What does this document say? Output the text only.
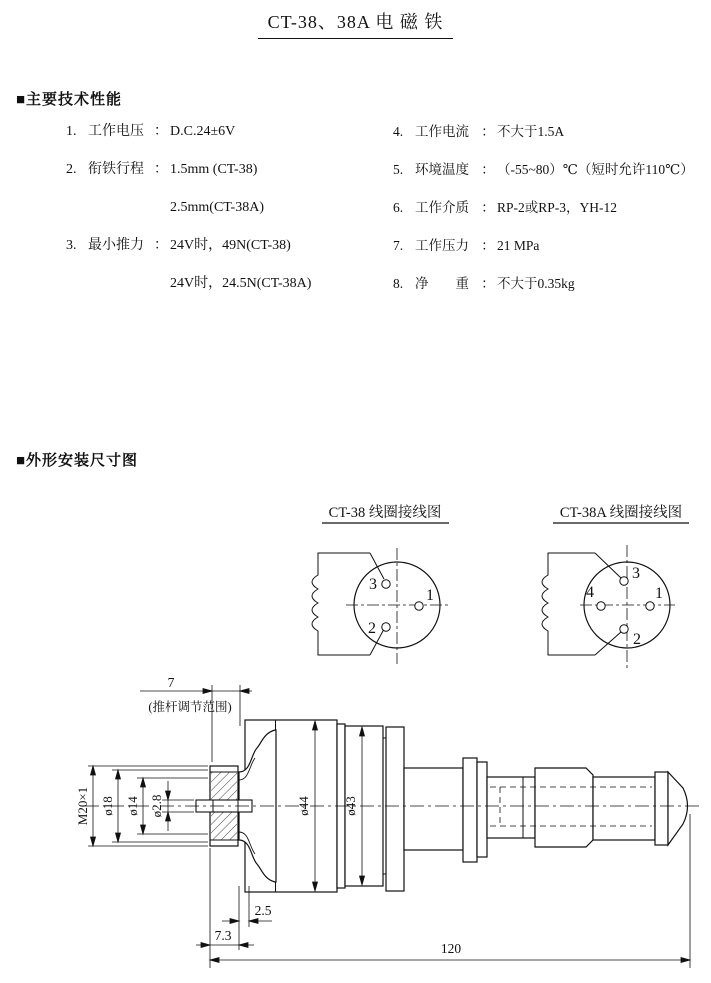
CT-38、38A 电 磁 铁
■主要技术性能
■外形安装尺寸图
1. 工作电压 ： D.C.24±6V
2. 衔铁行程 ： 1.5mm (CT-38)
2.5mm(CT-38A)
3. 最小推力 ： 24V时，49N(CT-38)
24V时，24.5N(CT-38A)
4. 工作电流 ： 不大于1.5A
5. 环境温度 ： （-55~80）℃（短时允许110℃）
6. 工作介质 ： RP-2或RP-3，YH-12
7. 工作压力 ： 21 MPa
8. 净　　重 ： 不大于0.35kg
CT-38 线圈接线图
3
1
2
CT-38A 线圈接线图
3
4	1
2
7
(推杆调节范围)
M20×1 ø18 ø14 ø2.8	ø44 ø43
2.5
7.3
120
